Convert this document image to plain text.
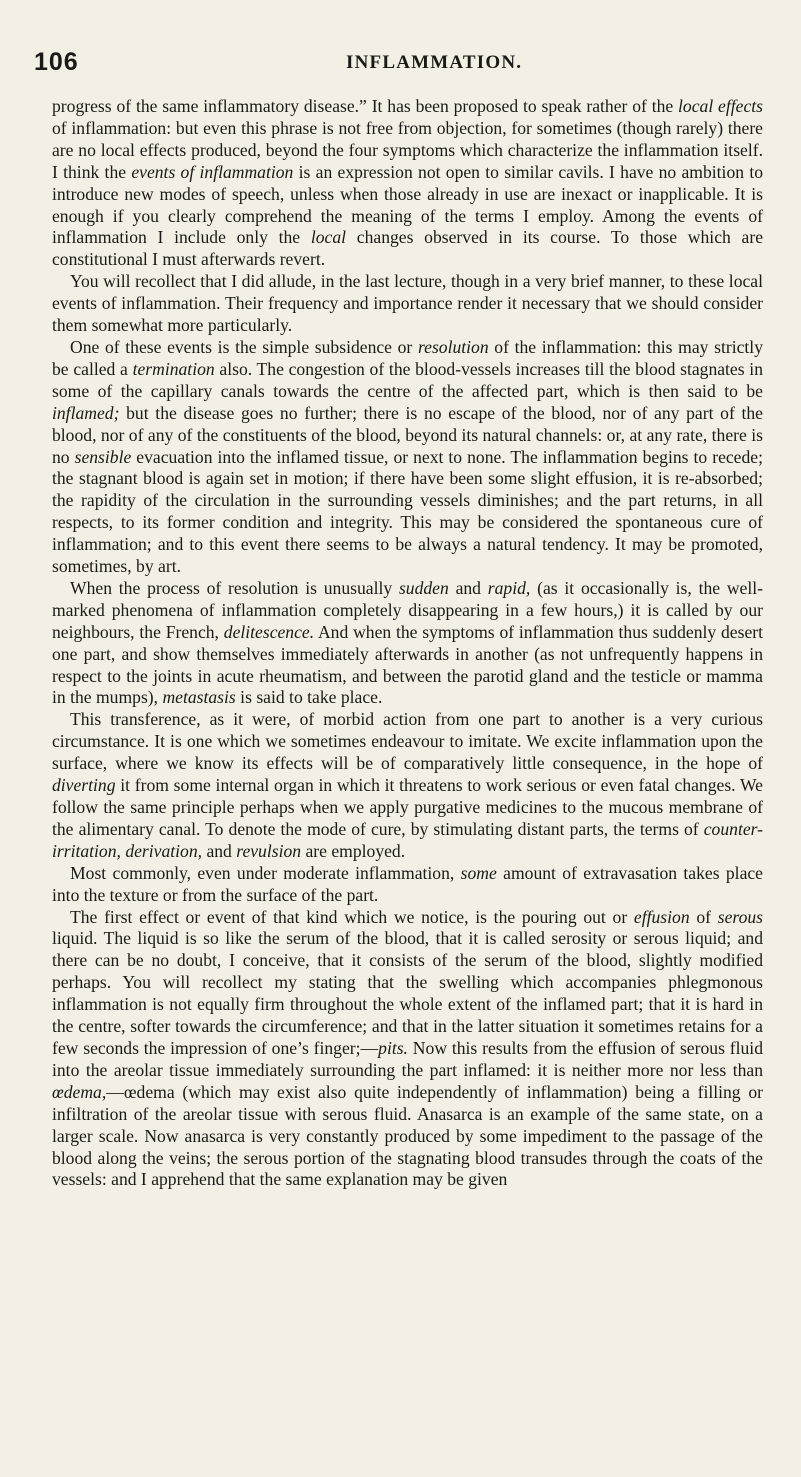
106	INFLAMMATION.

progress of the same inflammatory disease.” It has been proposed to speak rather of the local effects of inflammation: but even this phrase is not free from objection, for sometimes (though rarely) there are no local effects produced, beyond the four symptoms which characterize the inflammation itself. I think the events of inflammation is an expression not open to similar cavils. I have no ambition to introduce new modes of speech, unless when those already in use are inexact or inapplicable. It is enough if you clearly comprehend the meaning of the terms I employ. Among the events of inflammation I include only the local changes observed in its course. To those which are constitutional I must afterwards revert.

You will recollect that I did allude, in the last lecture, though in a very brief manner, to these local events of inflammation. Their frequency and importance render it necessary that we should consider them somewhat more particularly.

One of these events is the simple subsidence or resolution of the inflammation: this may strictly be called a termination also. The congestion of the blood-vessels increases till the blood stagnates in some of the capillary canals towards the centre of the affected part, which is then said to be inflamed; but the disease goes no further; there is no escape of the blood, nor of any part of the blood, nor of any of the constituents of the blood, beyond its natural channels: or, at any rate, there is no sensible evacuation into the inflamed tissue, or next to none. The inflammation begins to recede; the stagnant blood is again set in motion; if there have been some slight effusion, it is re-absorbed; the rapidity of the circulation in the surrounding vessels diminishes; and the part returns, in all respects, to its former condition and integrity. This may be considered the spontaneous cure of inflammation; and to this event there seems to be always a natural tendency. It may be promoted, sometimes, by art.

When the process of resolution is unusually sudden and rapid, (as it occasionally is, the well-marked phenomena of inflammation completely disappearing in a few hours,) it is called by our neighbours, the French, delitescence. And when the symptoms of inflammation thus suddenly desert one part, and show themselves immediately afterwards in another (as not unfrequently happens in respect to the joints in acute rheumatism, and between the parotid gland and the testicle or mamma in the mumps), metastasis is said to take place.

This transference, as it were, of morbid action from one part to another is a very curious circumstance. It is one which we sometimes endeavour to imitate. We excite inflammation upon the surface, where we know its effects will be of comparatively little consequence, in the hope of diverting it from some internal organ in which it threatens to work serious or even fatal changes. We follow the same principle perhaps when we apply purgative medicines to the mucous membrane of the alimentary canal. To denote the mode of cure, by stimulating distant parts, the terms of counter-irritation, derivation, and revulsion are employed.

Most commonly, even under moderate inflammation, some amount of extravasation takes place into the texture or from the surface of the part.

The first effect or event of that kind which we notice, is the pouring out or effusion of serous liquid. The liquid is so like the serum of the blood, that it is called serosity or serous liquid; and there can be no doubt, I conceive, that it consists of the serum of the blood, slightly modified perhaps. You will recollect my stating that the swelling which accompanies phlegmonous inflammation is not equally firm throughout the whole extent of the inflamed part; that it is hard in the centre, softer towards the circumference; and that in the latter situation it sometimes retains for a few seconds the impression of one’s finger;—pits. Now this results from the effusion of serous fluid into the areolar tissue immediately surrounding the part inflamed: it is neither more nor less than œdema,—œdema (which may exist also quite independently of inflammation) being a filling or infiltration of the areolar tissue with serous fluid. Anasarca is an example of the same state, on a larger scale. Now anasarca is very constantly produced by some impediment to the passage of the blood along the veins; the serous portion of the stagnating blood transudes through the coats of the vessels: and I apprehend that the same explanation may be given
